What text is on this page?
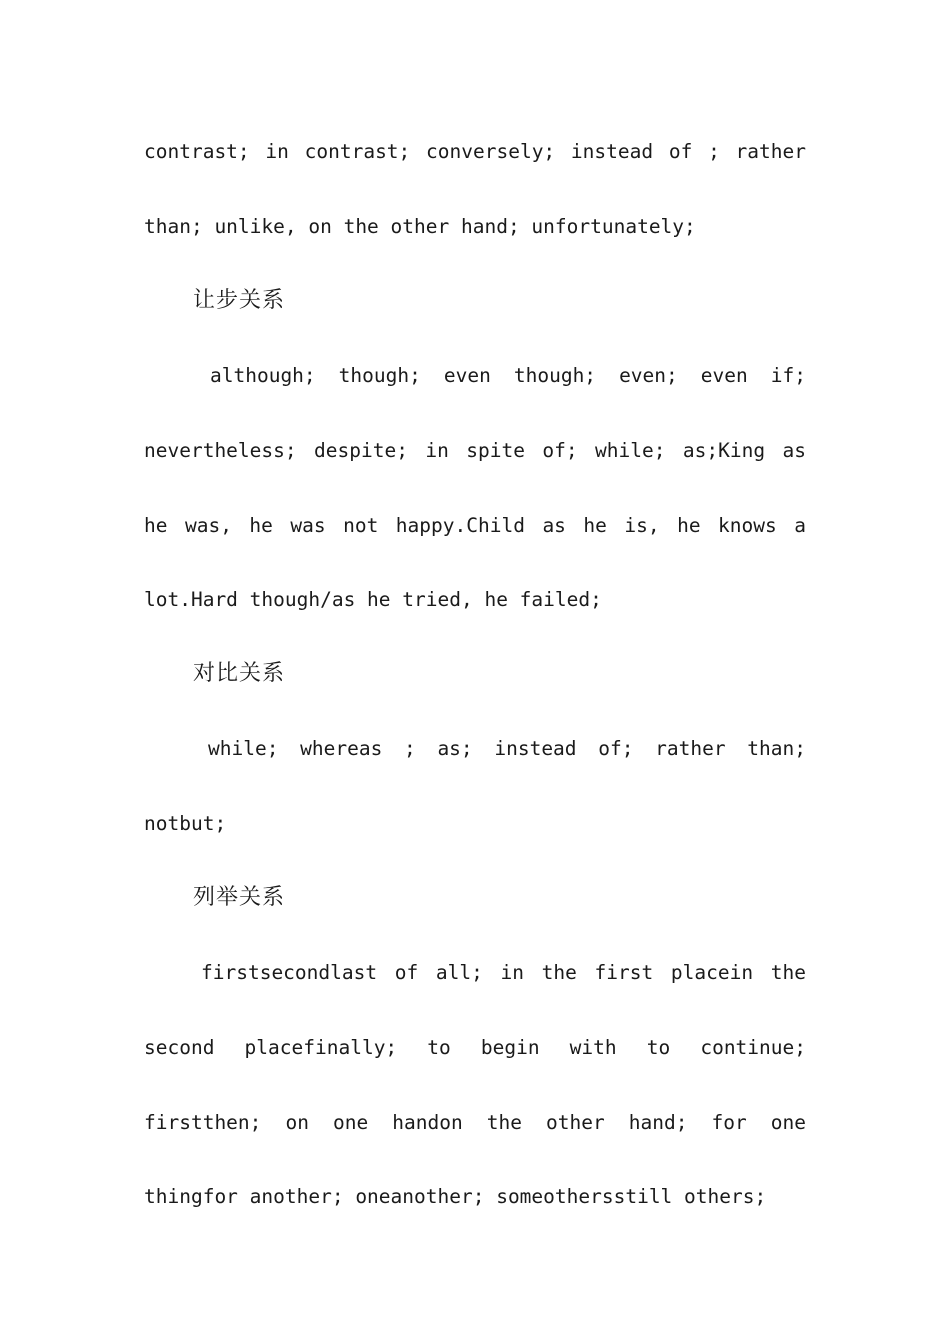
contrast; in contrast; conversely; instead of ; rather
than; unlike, on the other hand; unfortunately;
让步关系
although; though; even though; even; even if;
nevertheless; despite; in spite of; while; as;King as
he was, he was not happy.Child as he is, he knows a
lot.Hard though/as he tried, he failed;
对比关系
while; whereas ; as; instead of; rather than;
notbut;
列举关系
firstsecondlast of all; in the first placein the
second placefinally; to begin with to continue;
firstthen; on one handon the other hand; for one
thingfor another; oneanother; someothersstill others;
